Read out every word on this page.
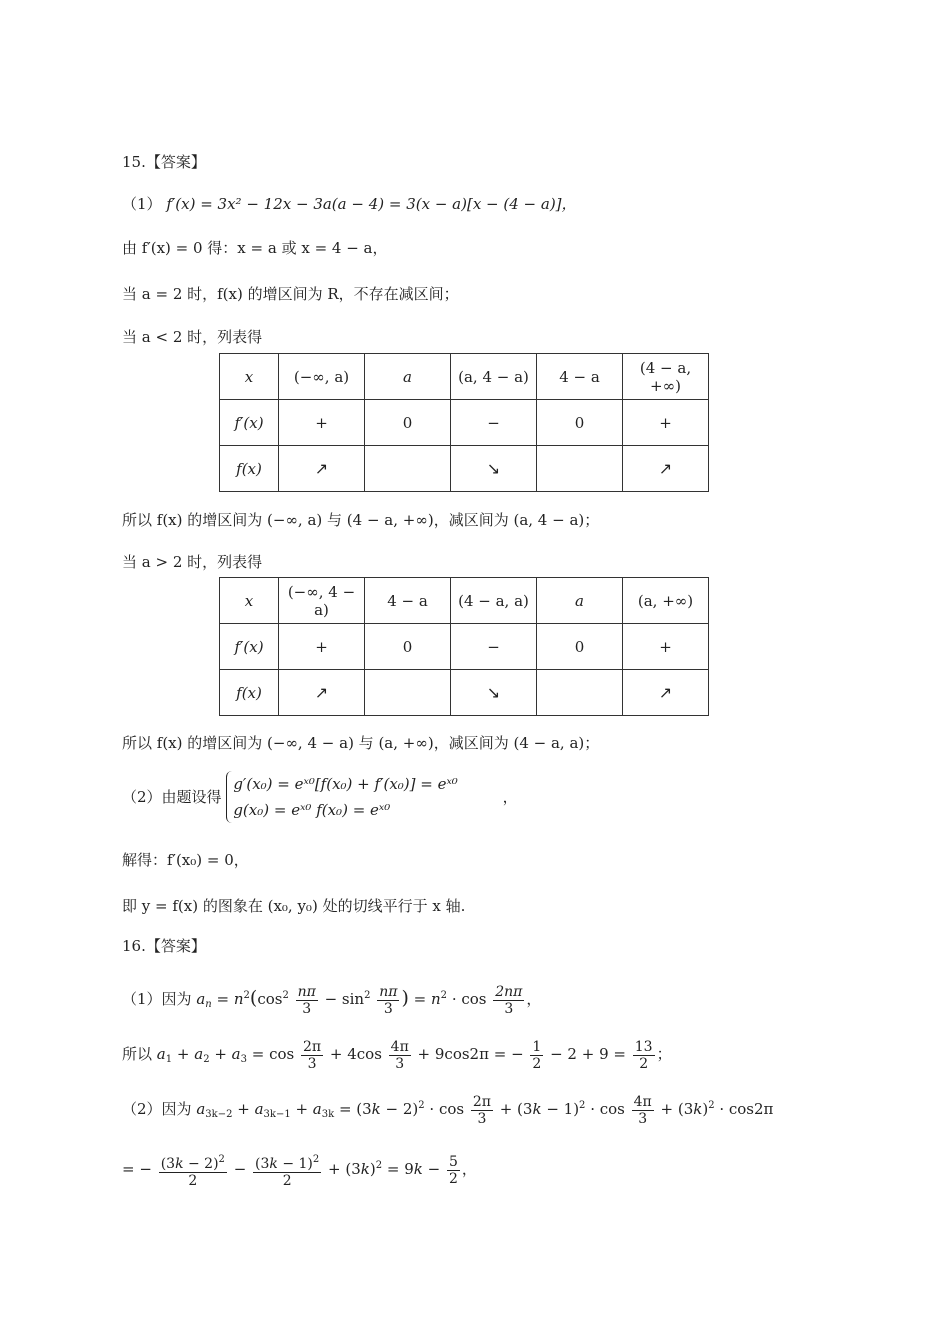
15.【答案】
（1） f′(x) = 3x² − 12x − 3a(a − 4) = 3(x − a)[x − (4 − a)]，
由 f′(x) = 0 得：x = a 或 x = 4 − a，
当 a = 2 时，f(x) 的增区间为 R，不存在减区间；
当 a < 2 时，列表得
x	(−∞, a)	a	(a, 4 − a)	4 − a	(4 − a, +∞)
f′(x)	+	0	−	0	+
f(x)	↗		↘		↗
所以 f(x) 的增区间为 (−∞, a) 与 (4 − a, +∞)，减区间为 (a, 4 − a)；
当 a > 2 时，列表得
x	(−∞, 4 − a)	4 − a	(4 − a, a)	a	(a, +∞)
f′(x)	+	0	−	0	+
f(x)	↗		↘		↗
所以 f(x) 的增区间为 (−∞, 4 − a) 与 (a, +∞)，减区间为 (4 − a, a)；
（2）由题设得
g′(x₀) = eˣ⁰[f(x₀) + f′(x₀)] = eˣ⁰
g(x₀) = eˣ⁰ f(x₀) = eˣ⁰
，
解得：f′(x₀) = 0，
即 y = f(x) 的图象在 (x₀, y₀) 处的切线平行于 x 轴.
16.【答案】
（1）因为 $a_n = n^2(\cos^2 \frac{n\pi}{3} - \sin^2 \frac{n\pi}{3}$ ) = $n^2 \cdot \cos \frac{2n\pi}{3}$ ，
所以 $a_1 + a_2 + a_3 = \cos \frac{2\pi}{3} + 4\cos \frac{4\pi}{3} + 9\cos 2\pi$ = − $\frac{1}{2} - 2 + 9 = \frac{13}{2}$ ；
（2）因为 $a_{3k-2} + a_{3k-1} + a_{3k} = (3k - 2)^2 \cdot \cos \frac{2\pi}{3} + (3k - 1)^2 \cdot \cos \frac{4\pi}{3} + (3k)^2 \cdot \cos 2\pi$
= − $\frac{(3k - 2)^2}{2} - \frac{(3k - 1)^2}{2} + (3k)^2 = 9k - \frac{5}{2}$ ，
